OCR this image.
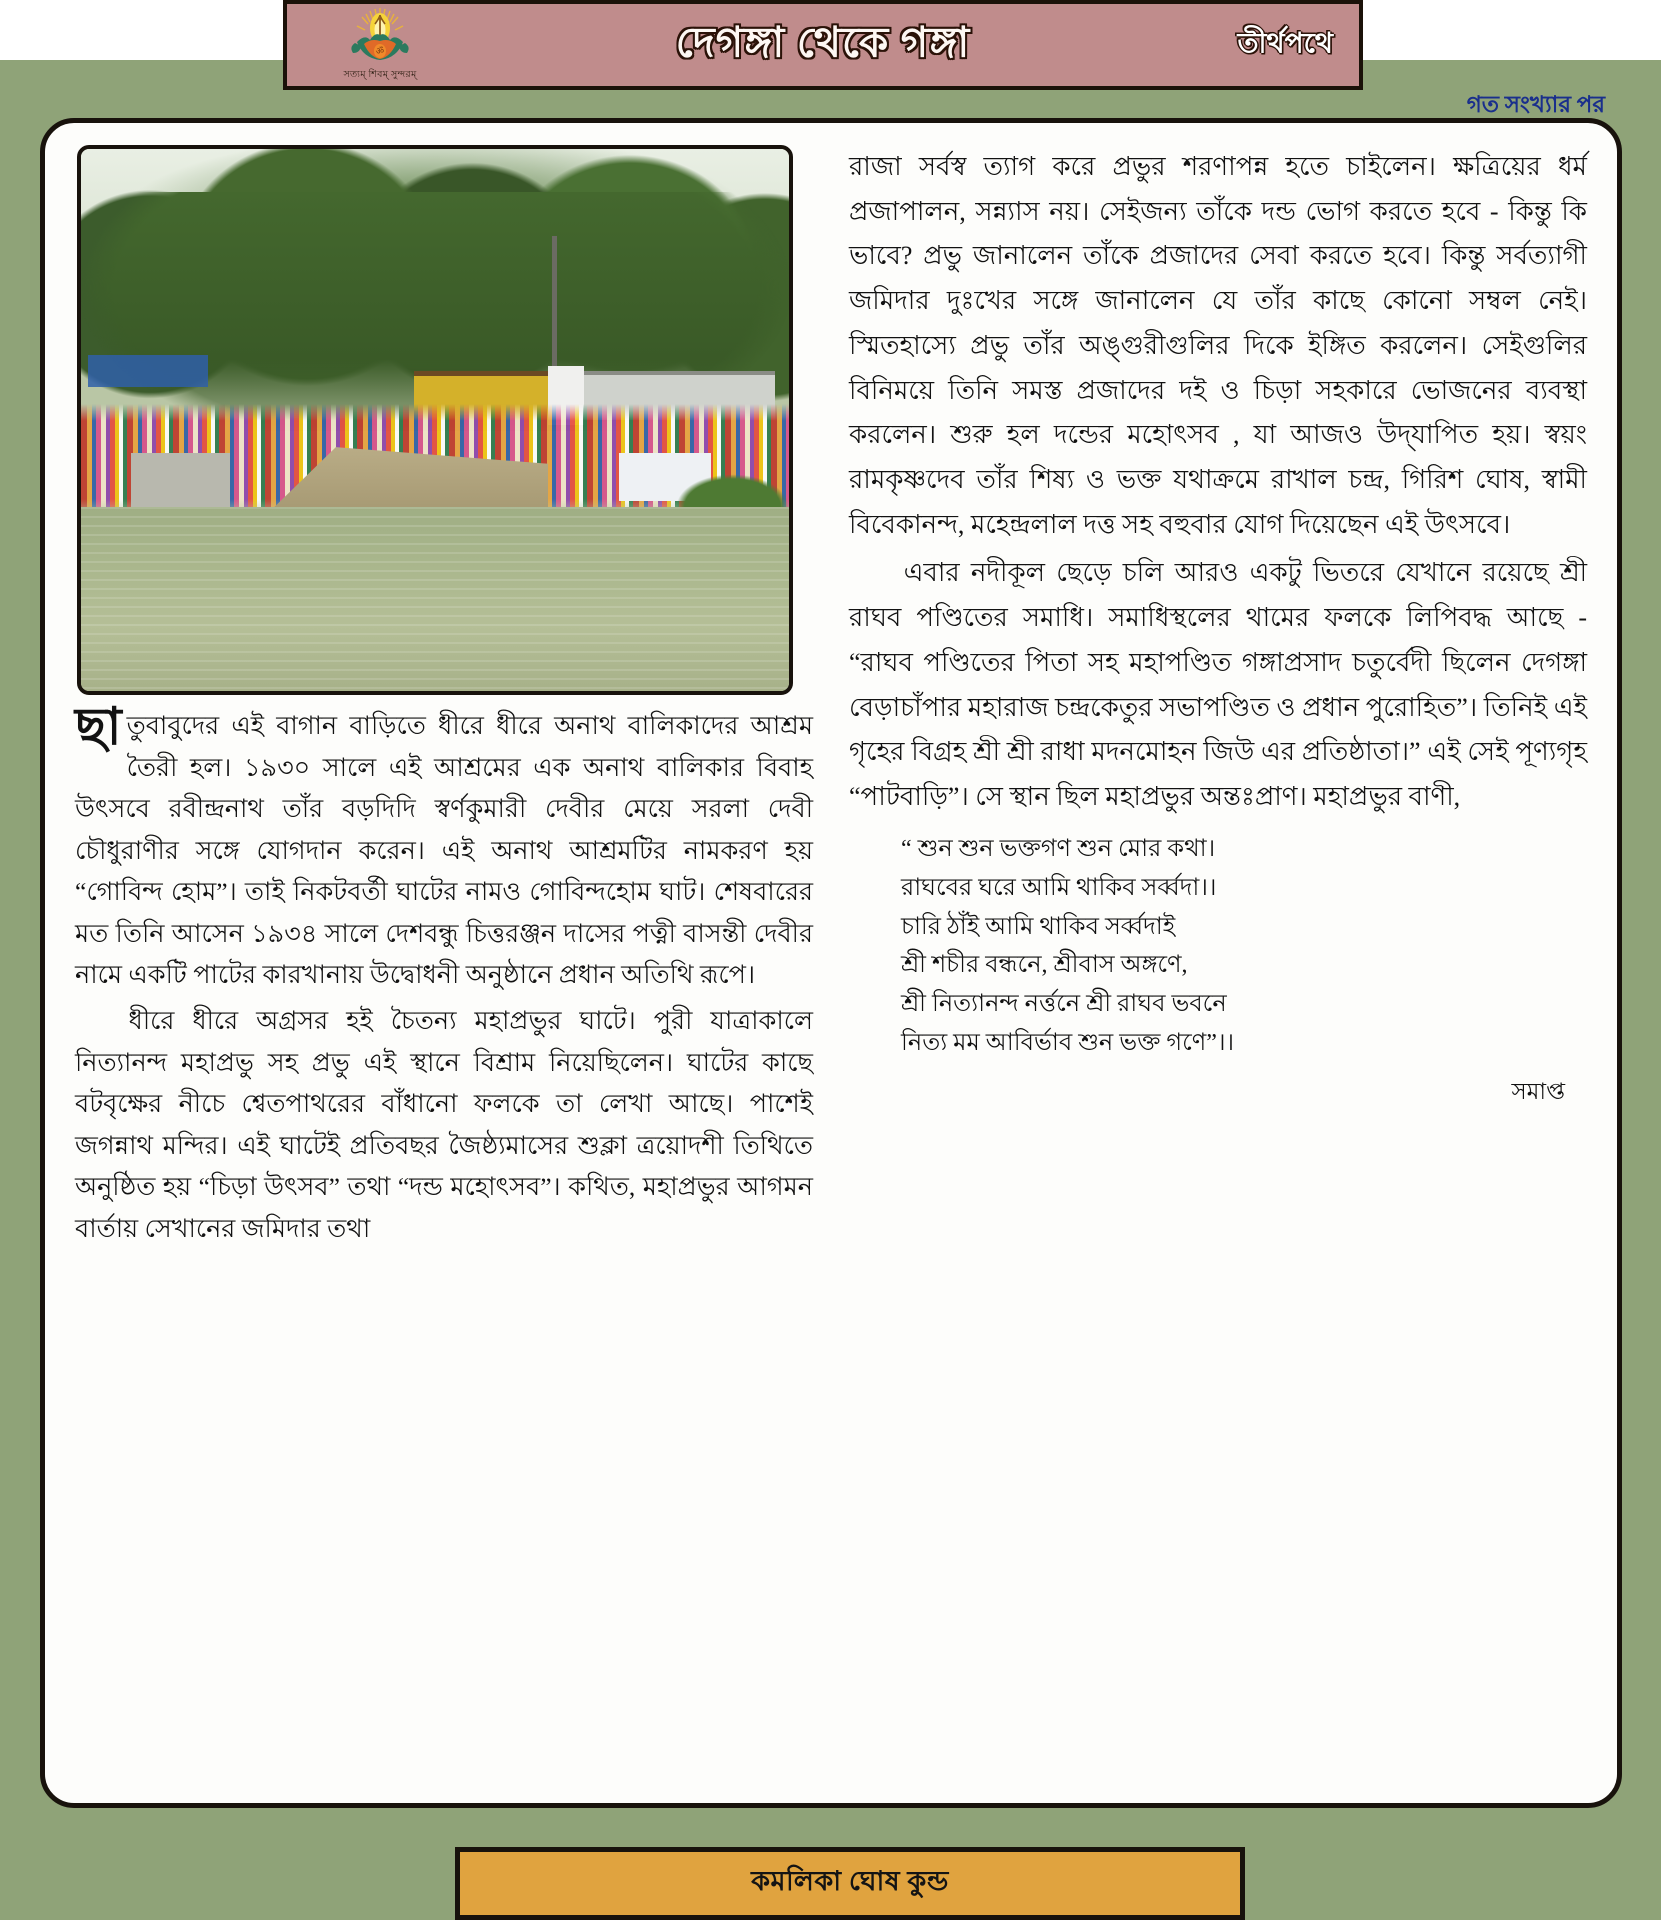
ছাতুবাবুদের এই বাগান বাড়িতে ধীরে ধীরে অনাথ বালিকাদের আশ্রম তৈরী হল। ১৯৩০ সালে এই আশ্রমের এক অনাথ বালিকার বিবাহ উৎসবে রবীন্দ্রনাথ তাঁর বড়দিদি স্বর্ণকুমারী দেবীর মেয়ে সরলা দেবী চৌধুরাণীর সঙ্গে যোগদান করেন। এই অনাথ আশ্রমটির নামকরণ হয় “গোবিন্দ হোম”। তাই নিকটবর্তী ঘাটের নামও গোবিন্দহোম ঘাট। শেষবারের মত তিনি আসেন ১৯৩৪ সালে দেশবন্ধু চিত্তরঞ্জন দাসের পত্নী বাসন্তী দেবীর নামে একটি পাটের কারখানায় উদ্বোধনী অনুষ্ঠানে প্রধান অতিথি রূপে।

ধীরে ধীরে অগ্রসর হই চৈতন্য মহাপ্রভুর ঘাটে। পুরী যাত্রাকালে নিত্যানন্দ মহাপ্রভু সহ প্রভু এই স্থানে বিশ্রাম নিয়েছিলেন। ঘাটের কাছে বটবৃক্ষের নীচে শ্বেতপাথরের বাঁধানো ফলকে তা লেখা আছে। পাশেই জগন্নাথ মন্দির। এই ঘাটেই প্রতিবছর জৈষ্ঠ্যমাসের শুক্লা ত্রয়োদশী তিথিতে অনুষ্ঠিত হয় “চিড়া উৎসব” তথা “দন্ড মহোৎসব”। কথিত, মহাপ্রভুর আগমন বার্তায় সেখানের জমিদার তথা

রাজা সর্বস্ব ত্যাগ করে প্রভুর শরণাপন্ন হতে চাইলেন। ক্ষত্রিয়ের ধর্ম প্রজাপালন, সন্ন্যাস নয়। সেইজন্য তাঁকে দন্ড ভোগ করতে হবে - কিন্তু কি ভাবে? প্রভু জানালেন তাঁকে প্রজাদের সেবা করতে হবে। কিন্তু সর্বত্যাগী জমিদার দুঃখের সঙ্গে জানালেন যে তাঁর কাছে কোনো সম্বল নেই। স্মিতহাস্যে প্রভু তাঁর অঙ্গুরীগুলির দিকে ইঙ্গিত করলেন। সেইগুলির বিনিময়ে তিনি সমস্ত প্রজাদের দই ও চিড়া সহকারে ভোজনের ব্যবস্থা করলেন। শুরু হল দন্ডের মহোৎসব , যা আজও উদ্‌যাপিত হয়। স্বয়ং রামকৃষ্ণদেব তাঁর শিষ্য ও ভক্ত যথাক্রমে রাখাল চন্দ্র, গিরিশ ঘোষ, স্বামী বিবেকানন্দ, মহেন্দ্রলাল দত্ত সহ বহুবার যোগ দিয়েছেন এই উৎসবে।

এবার নদীকূল ছেড়ে চলি আরও একটু ভিতরে যেখানে রয়েছে শ্রী রাঘব পণ্ডিতের সমাধি। সমাধিস্থলের থামের ফলকে লিপিবদ্ধ আছে - “রাঘব পণ্ডিতের পিতা সহ মহাপণ্ডিত গঙ্গাপ্রসাদ চতুর্বেদী ছিলেন দেগঙ্গা বেড়াচাঁপার মহারাজ চন্দ্রকেতুর সভাপণ্ডিত ও প্রধান পুরোহিত”। তিনিই এই গৃহের বিগ্রহ শ্রী শ্রী রাধা মদনমোহন জিউ এর প্রতিষ্ঠাতা।” এই সেই পূণ্যগৃহ “পাটবাড়ি”। সে স্থান ছিল মহাপ্রভুর অন্তঃপ্রাণ। মহাপ্রভুর বাণী,

“ শুন শুন ভক্তগণ শুন মোর কথা।
রাঘবের ঘরে আমি থাকিব সর্ব্বদা।।
চারি ঠাঁই আমি থাকিব সর্ব্বদাই
শ্রী শচীর বন্ধনে, শ্রীবাস অঙ্গণে,
শ্রী নিত্যানন্দ নর্ত্তনে শ্রী রাঘব ভবনে
নিত্য মম আবির্ভাব শুন ভক্ত গণে”।।
সমাপ্ত
ॐ
সত্যম্ শিবম্ সুন্দরম্
দেগঙ্গা থেকে গঙ্গা	তীর্থপথে
গত সংখ্যার পর
কমলিকা ঘোষ কুন্ড
